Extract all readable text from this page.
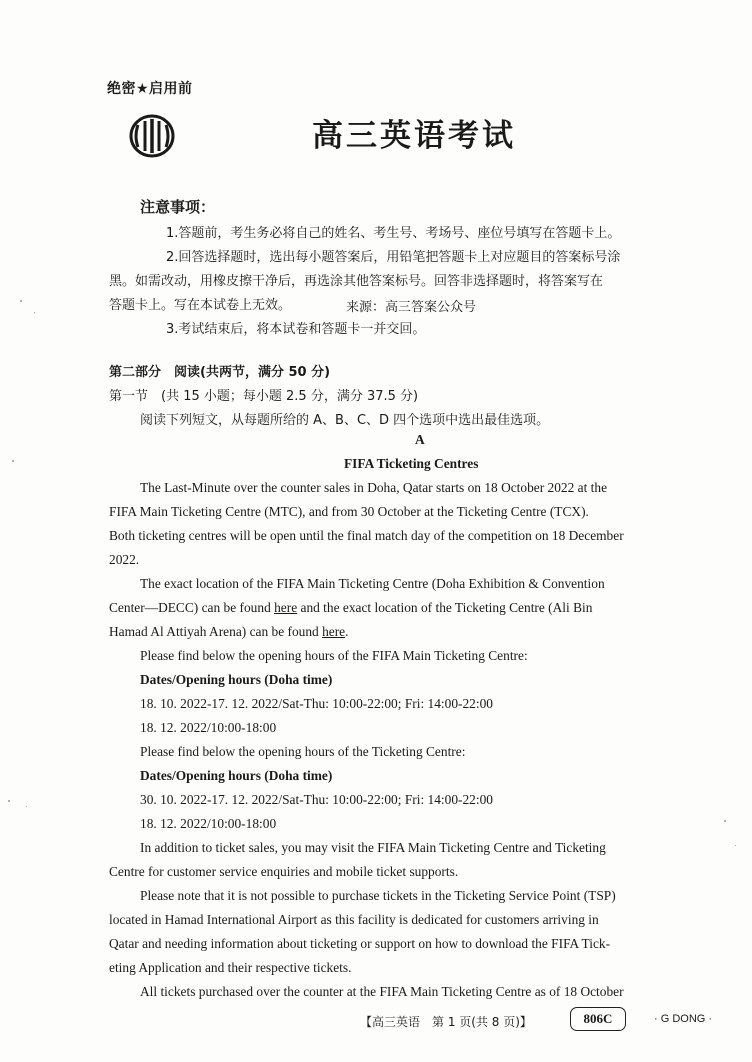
绝密★启用前
高三英语考试
注意事项：
1.答题前，考生务必将自己的姓名、考生号、考场号、座位号填写在答题卡上。
2.回答选择题时，选出每小题答案后，用铅笔把答题卡上对应题目的答案标号涂
黑。如需改动，用橡皮擦干净后，再选涂其他答案标号。回答非选择题时，将答案写在
答题卡上。写在本试卷上无效。	来源：高三答案公众号
3.考试结束后，将本试卷和答题卡一并交回。
第二部分　阅读(共两节，满分 50 分)
第一节　(共 15 小题；每小题 2.5 分，满分 37.5 分)
阅读下列短文，从每题所给的 A、B、C、D 四个选项中选出最佳选项。
A
FIFA Ticketing Centres
The Last-Minute over the counter sales in Doha, Qatar starts on 18 October 2022 at the
FIFA Main Ticketing Centre (MTC), and from 30 October at the Ticketing Centre (TCX).
Both ticketing centres will be open until the final match day of the competition on 18 December
2022.
The exact location of the FIFA Main Ticketing Centre (Doha Exhibition & Convention
Center—DECC) can be found here and the exact location of the Ticketing Centre (Ali Bin
Hamad Al Attiyah Arena) can be found here.
Please find below the opening hours of the FIFA Main Ticketing Centre:
Dates/Opening hours (Doha time)
18. 10. 2022-17. 12. 2022/Sat-Thu: 10:00-22:00; Fri: 14:00-22:00
18. 12. 2022/10:00-18:00
Please find below the opening hours of the Ticketing Centre:
Dates/Opening hours (Doha time)
30. 10. 2022-17. 12. 2022/Sat-Thu: 10:00-22:00; Fri: 14:00-22:00
18. 12. 2022/10:00-18:00
In addition to ticket sales, you may visit the FIFA Main Ticketing Centre and Ticketing
Centre for customer service enquiries and mobile ticket supports.
Please note that it is not possible to purchase tickets in the Ticketing Service Point (TSP)
located in Hamad International Airport as this facility is dedicated for customers arriving in
Qatar and needing information about ticketing or support on how to download the FIFA Tick-
eting Application and their respective tickets.
All tickets purchased over the counter at the FIFA Main Ticketing Centre as of 18 October
【高三英语　第 1 页(共 8 页)】	806C	· G DONG ·
